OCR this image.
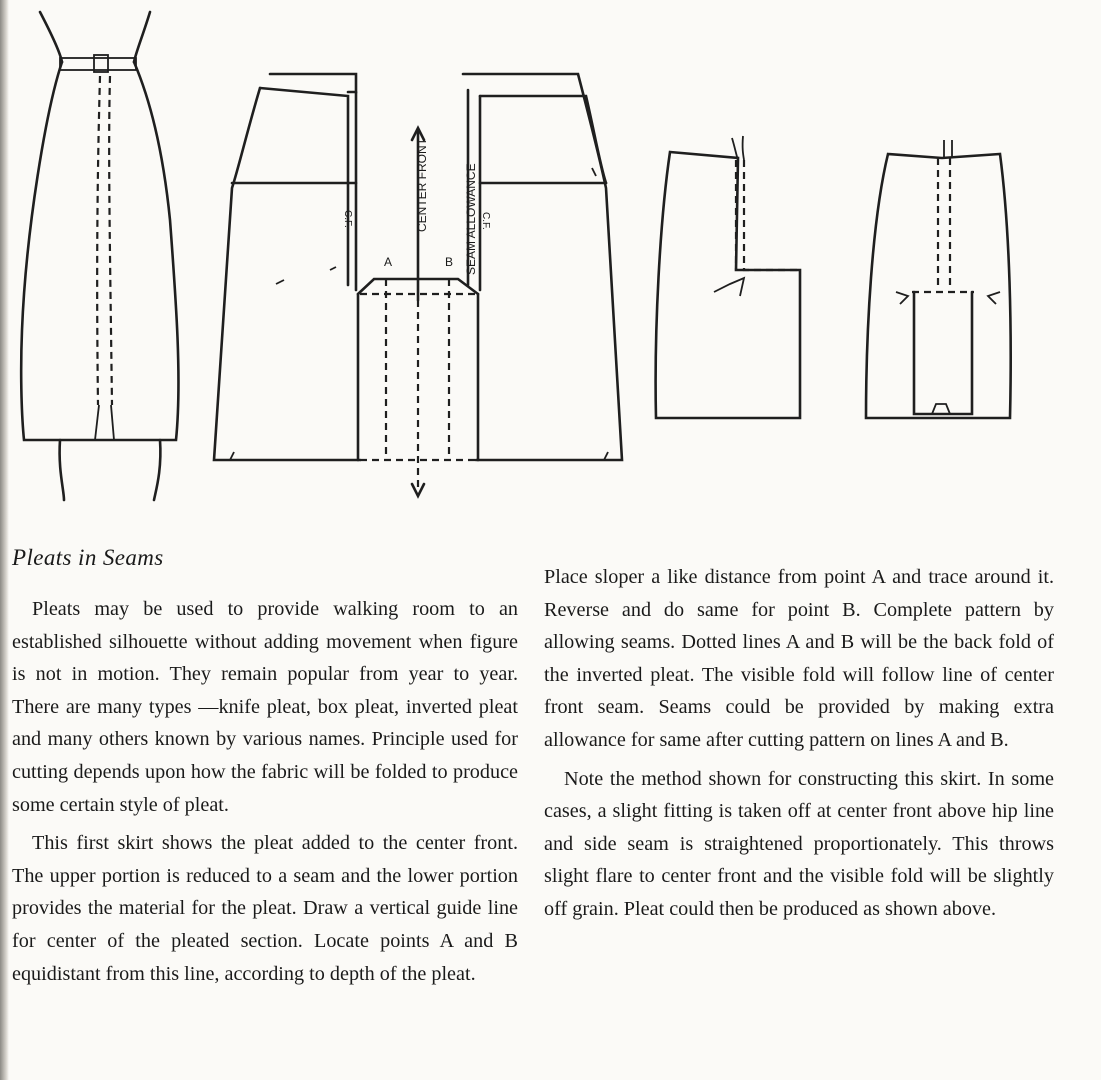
CENTER FRONT	SEAM ALLOWANCE
A	B
C.F.	C.F.
Pleats in Seams

Pleats may be used to provide walking room to an established silhouette without adding movement when figure is not in motion. They remain popular from year to year. There are many types —knife pleat, box pleat, inverted pleat and many others known by various names. Principle used for cutting depends upon how the fabric will be folded to produce some certain style of pleat.

This first skirt shows the pleat added to the center front. The upper portion is reduced to a seam and the lower portion provides the material for the pleat. Draw a vertical guide line for center of the pleated section. Locate points A and B equidistant from this line, according to depth of the pleat.

Place sloper a like distance from point A and trace around it. Reverse and do same for point B. Complete pattern by allowing seams. Dotted lines A and B will be the back fold of the inverted pleat. The visible fold will follow line of center front seam. Seams could be provided by making extra allowance for same after cutting pattern on lines A and B.

Note the method shown for constructing this skirt. In some cases, a slight fitting is taken off at center front above hip line and side seam is straightened proportionately. This throws slight flare to center front and the visible fold will be slightly off grain. Pleat could then be produced as shown above.
